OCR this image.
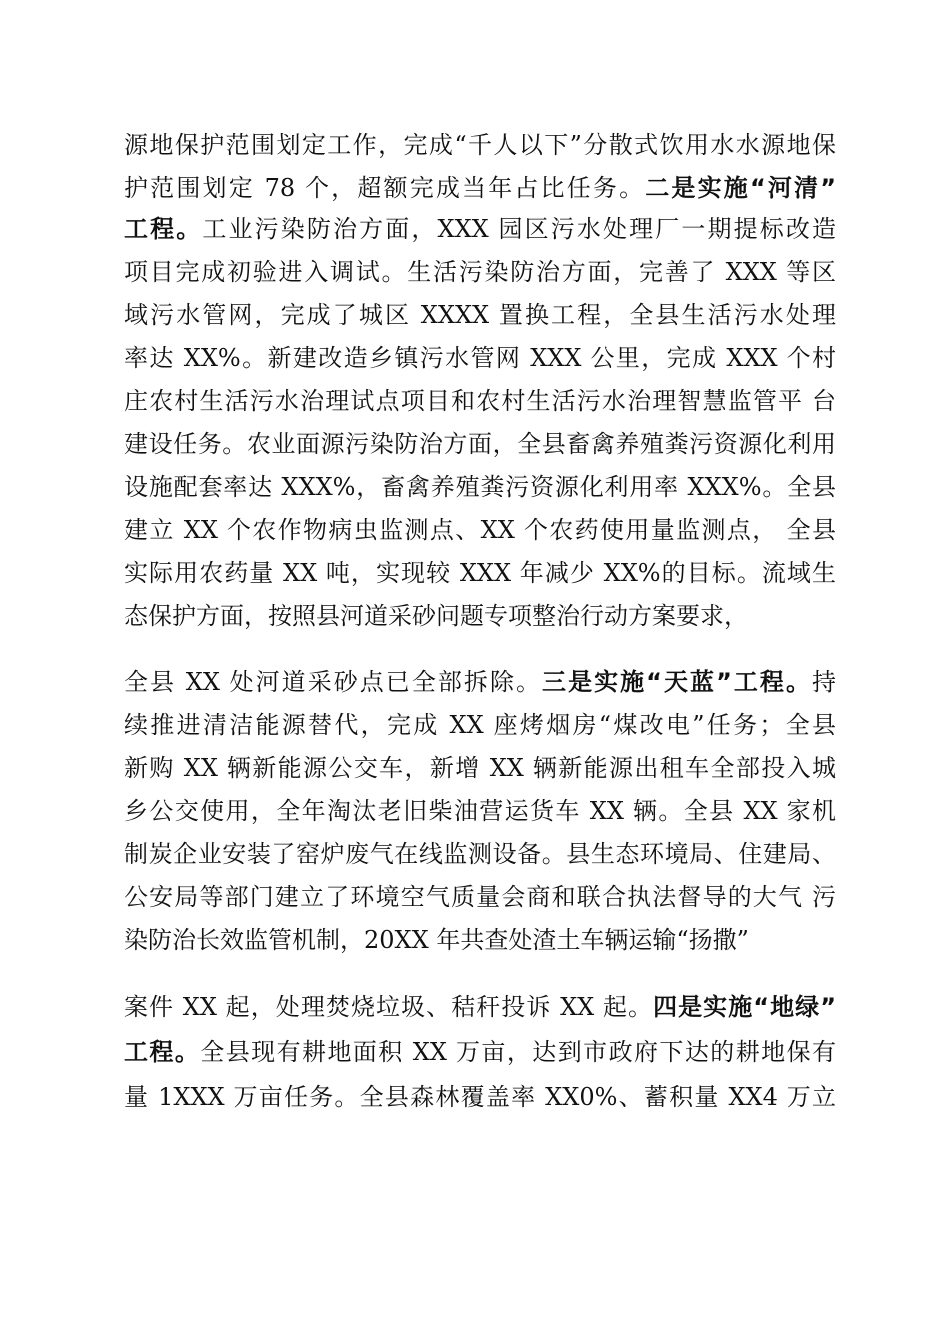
源地保护范围划定工作，完成“千人以下”分散式饮用水水源地保
护范围划定 78 个，超额完成当年占比任务。二是实施“河清”
工程。工业污染防治方面，XXX 园区污水处理厂一期提标改造
项目完成初验进入调试。生活污染防治方面，完善了 XXX 等区
域污水管网，完成了城区 XXXX 置换工程，全县生活污水处理
率达 XX%。新建改造乡镇污水管网 XXX 公里，完成 XXX 个村
庄农村生活污水治理试点项目和农村生活污水治理智慧监管平 台
建设任务。农业面源污染防治方面，全县畜禽养殖粪污资源化利用
设施配套率达 XXX%，畜禽养殖粪污资源化利用率 XXX%。全县
建立 XX 个农作物病虫监测点、XX 个农药使用量监测点， 全县
实际用农药量 XX 吨，实现较 XXX 年减少 XX%的目标。流域生
态保护方面，按照县河道采砂问题专项整治行动方案要求，
全县 XX 处河道采砂点已全部拆除。三是实施“天蓝”工程。持
续推进清洁能源替代，完成 XX 座烤烟房“煤改电”任务；全县
新购 XX 辆新能源公交车，新增 XX 辆新能源出租车全部投入城
乡公交使用，全年淘汰老旧柴油营运货车 XX 辆。全县 XX 家机
制炭企业安装了窑炉废气在线监测设备。县生态环境局、住建局、
公安局等部门建立了环境空气质量会商和联合执法督导的大气 污
染防治长效监管机制，20XX 年共查处渣土车辆运输“扬撒”
案件 XX 起，处理焚烧垃圾、秸秆投诉 XX 起。四是实施“地绿”
工程。全县现有耕地面积 XX 万亩，达到市政府下达的耕地保有
量 1XXX 万亩任务。全县森林覆盖率 XX0%、蓄积量 XX4 万立
